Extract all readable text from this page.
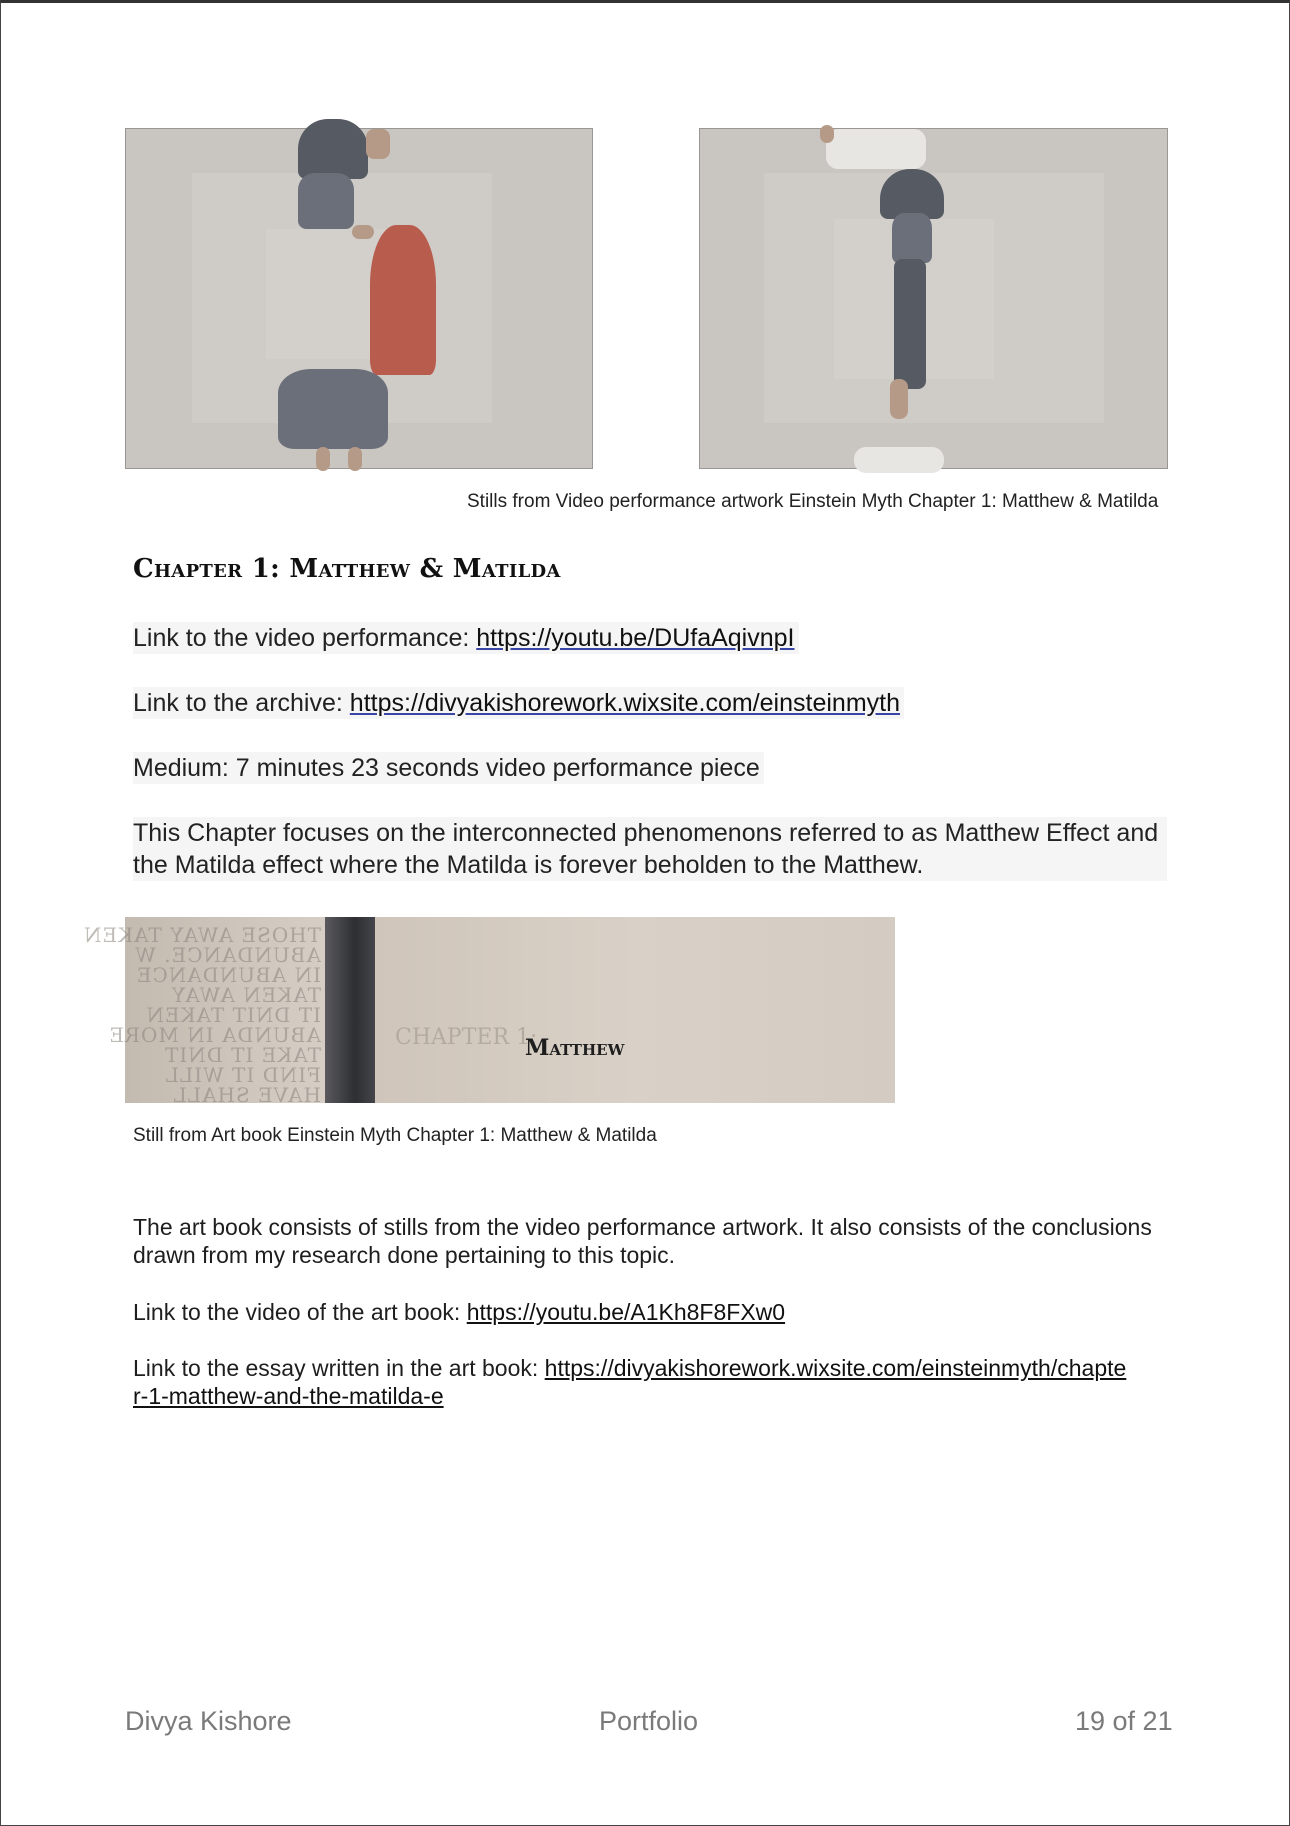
Stills from Video performance artwork Einstein Myth Chapter 1: Matthew & Matilda
Chapter 1: Matthew & Matilda
Link to the video performance: https://youtu.be/DUfaAqivnpI
Link to the archive: https://divyakishorework.wixsite.com/einsteinmyth
Medium: 7 minutes 23 seconds video performance piece
This Chapter focuses on the interconnected phenomenons referred to as Matthew Effect and the Matilda effect where the Matilda is forever beholden to the Matthew.
THOSE AWAY TAKEN
ABUNDANCE. W
IN ABUNDANCE
TAKEN AWAY
IT DNIT TAKEN
ABUNDA IN MORE
TAKE IT DNIT
FIND IT WILL
HAVE SHALL
CHAPTER 1:
Matthew
Still from Art book Einstein Myth Chapter 1: Matthew & Matilda
The art book consists of stills from the video performance artwork. It also consists of the conclusions drawn from my research done pertaining to this topic.
Link to the video of the art book: https://youtu.be/A1Kh8F8FXw0
Link to the essay written in the art book: https://divyakishorework.wixsite.com/einsteinmyth/chapter-1-matthew-and-the-matilda-e
Divya Kishore	Portfolio	19 of 21
